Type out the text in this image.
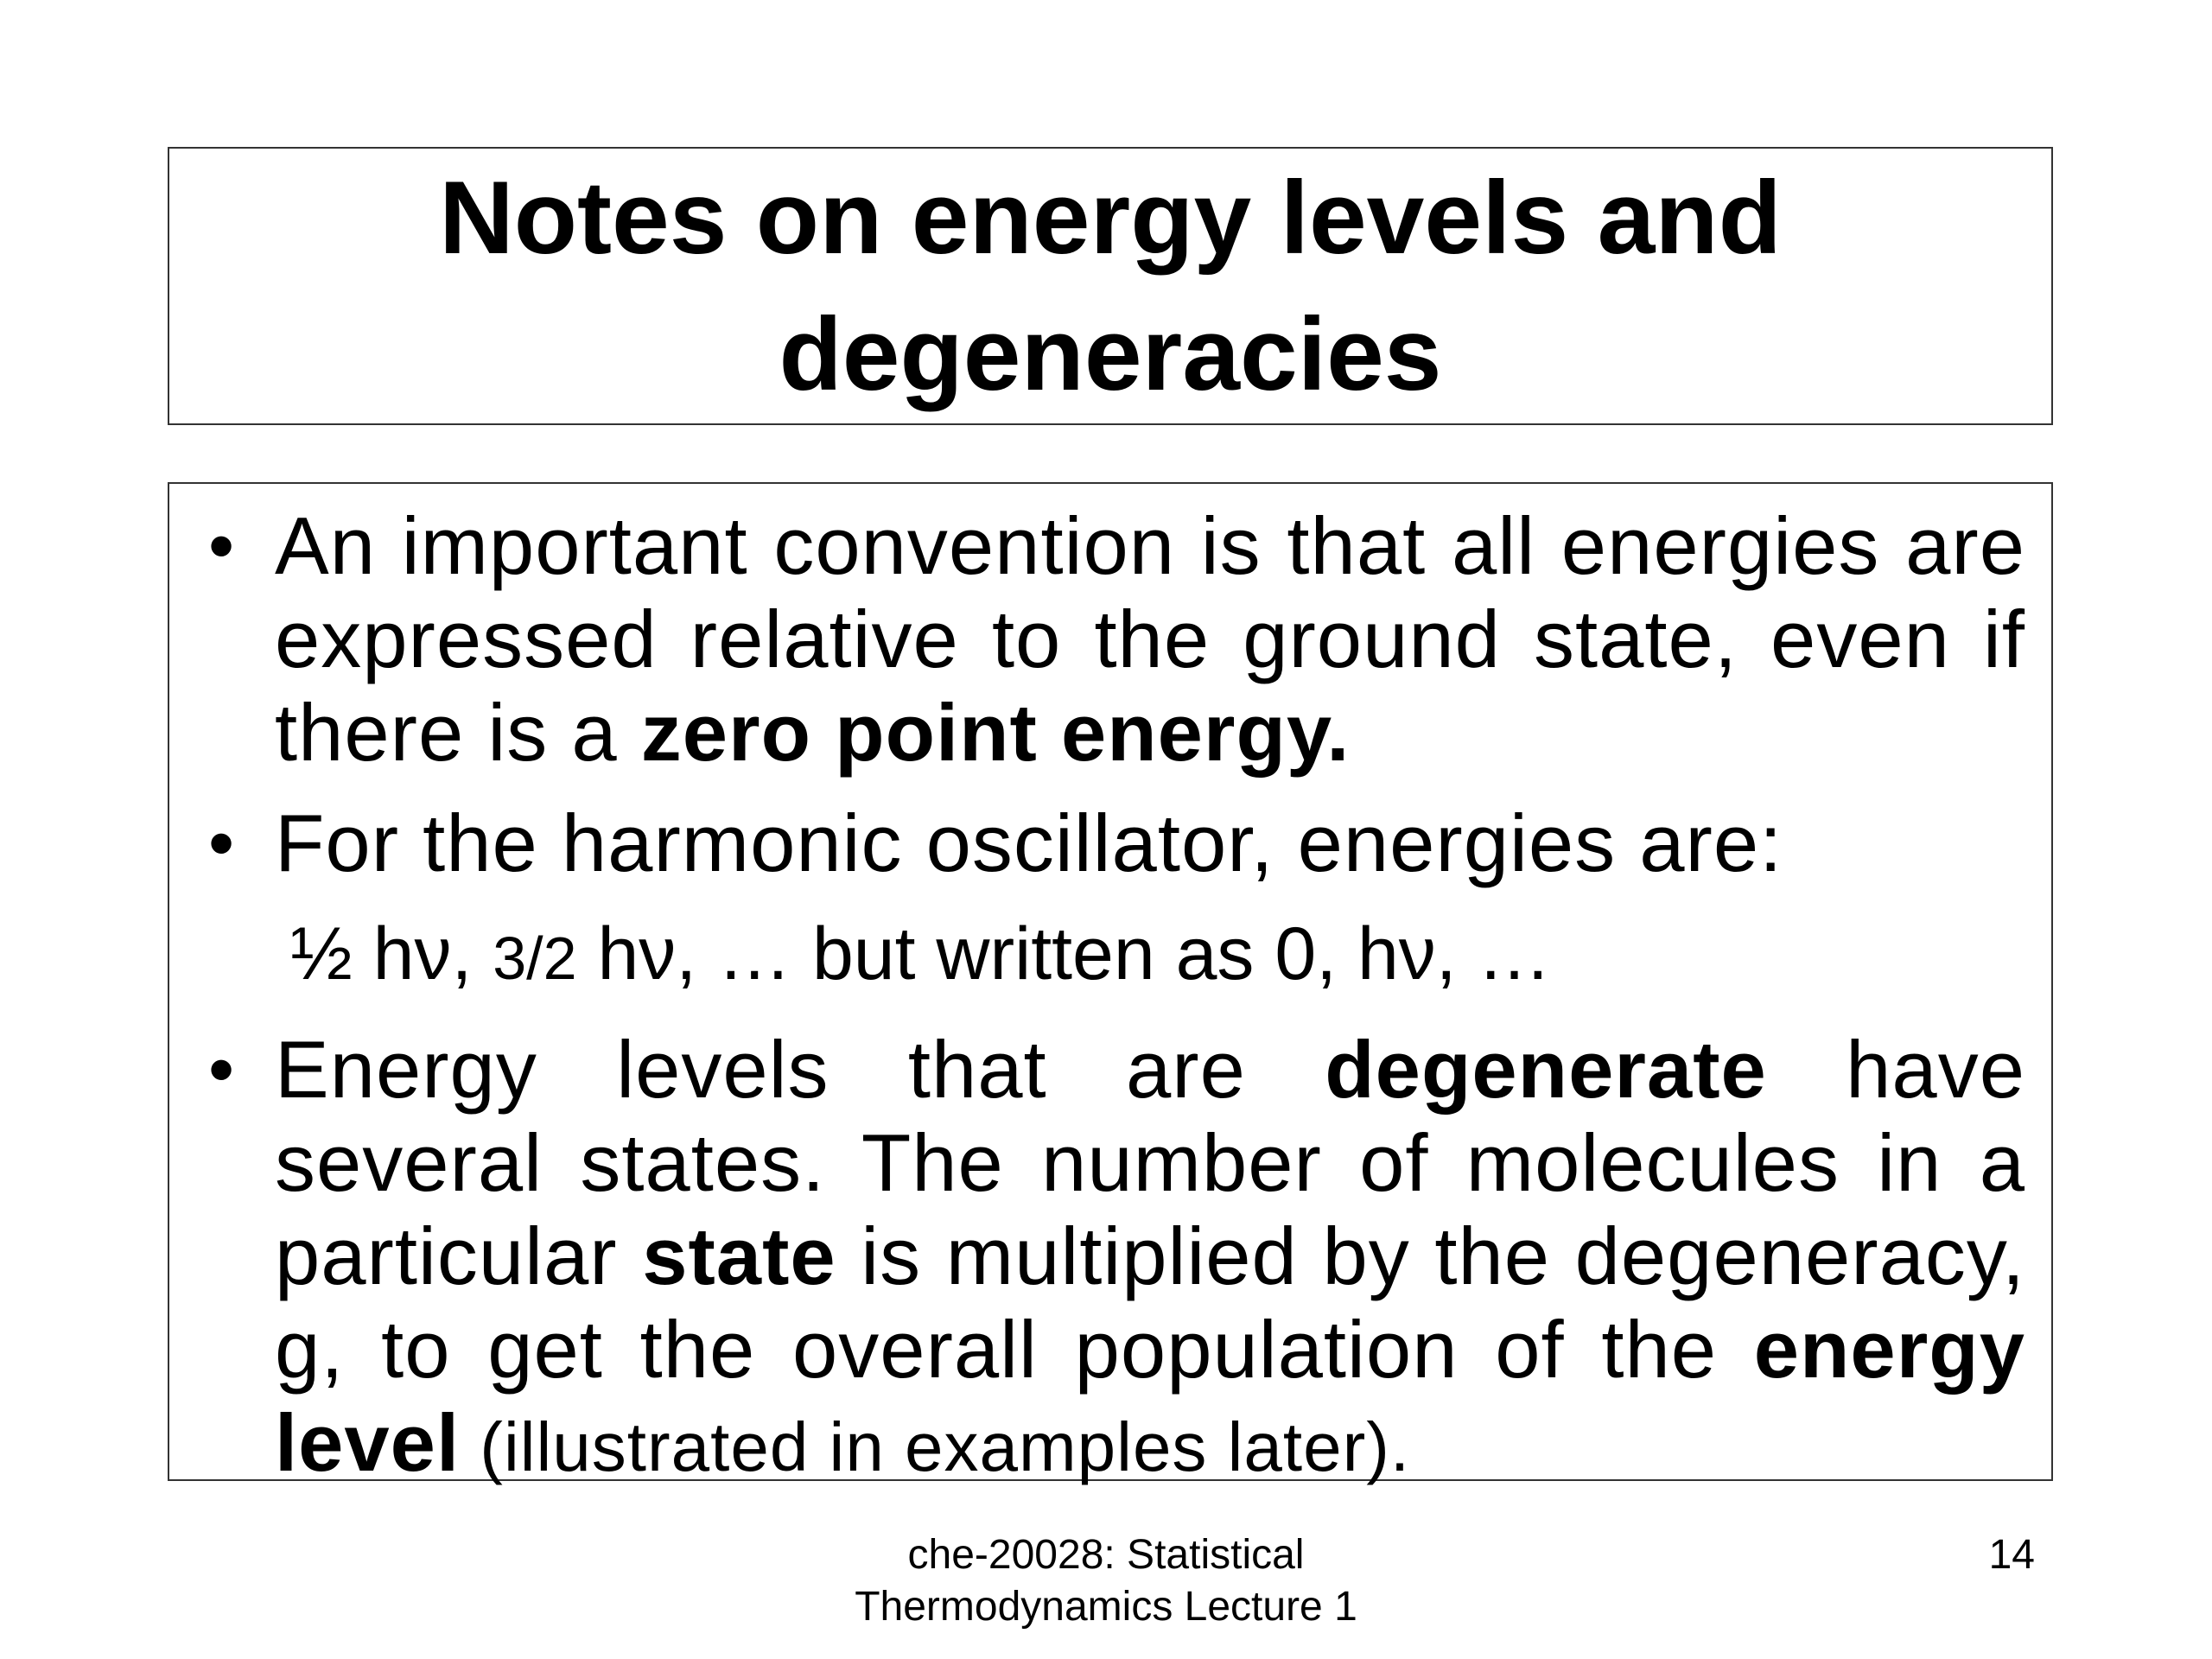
Notes on energy levels and degeneracies
• An important convention is that all energies are expressed relative to the ground state, even if there is a zero point energy.
• For the harmonic oscillator, energies are:
½ hν, 3/2 hν, … but written as 0, hν, …
• Energy levels that are degenerate have several states. The number of molecules in a particular state is multiplied by the degeneracy, g, to get the overall population of the energy level (illustrated in examples later).
che-20028: Statistical
Thermodynamics Lecture 1
14
